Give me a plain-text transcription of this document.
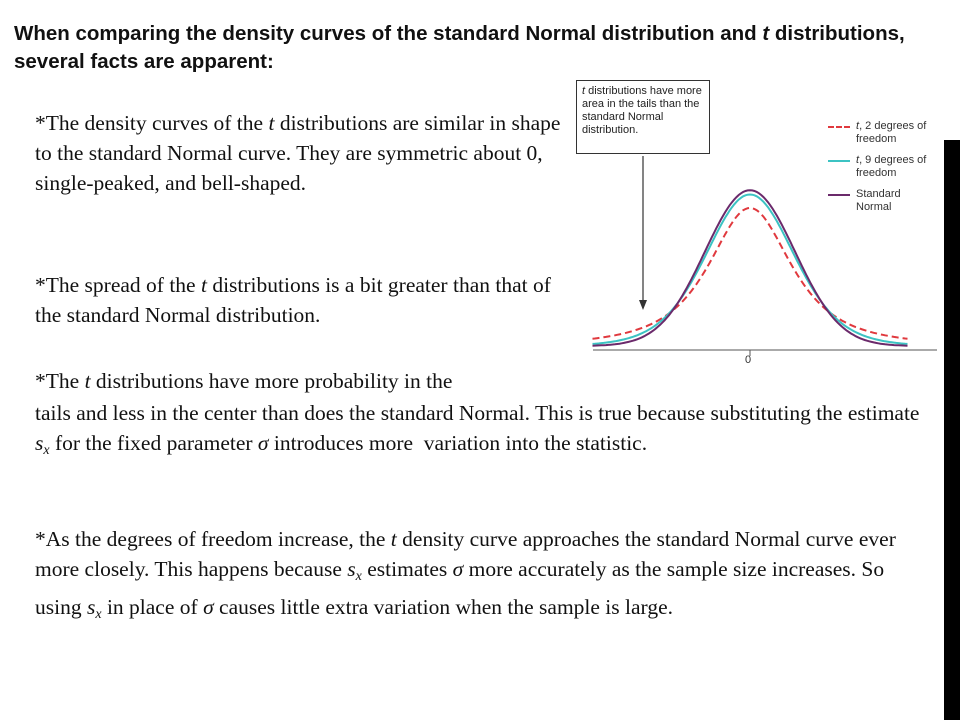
When comparing the density curves of the standard Normal distribution and t distributions, several facts are apparent:

*The density curves of the t distributions are similar in shape to the standard Normal curve. They are symmetric about 0, single-peaked, and bell-shaped.

*The spread of the t distributions is a bit greater than that of the standard Normal distribution.

*The t distributions have more probability in the

tails and less in the center than does the standard Normal. This is true because substituting the estimate $s_x$ for the fixed parameter σ introduces more  variation into the statistic.

*As the degrees of freedom increase, the t density curve approaches the standard Normal curve ever more closely. This happens because $s_x$ estimates σ more accurately as the sample size increases. So using $s_x$ in place of σ causes little extra variation when the sample is large.

t distributions have more area in the tails than the standard Normal distribution.	t, 2 degrees of freedom
t, 9 degrees of freedom
Standard Normal
0
